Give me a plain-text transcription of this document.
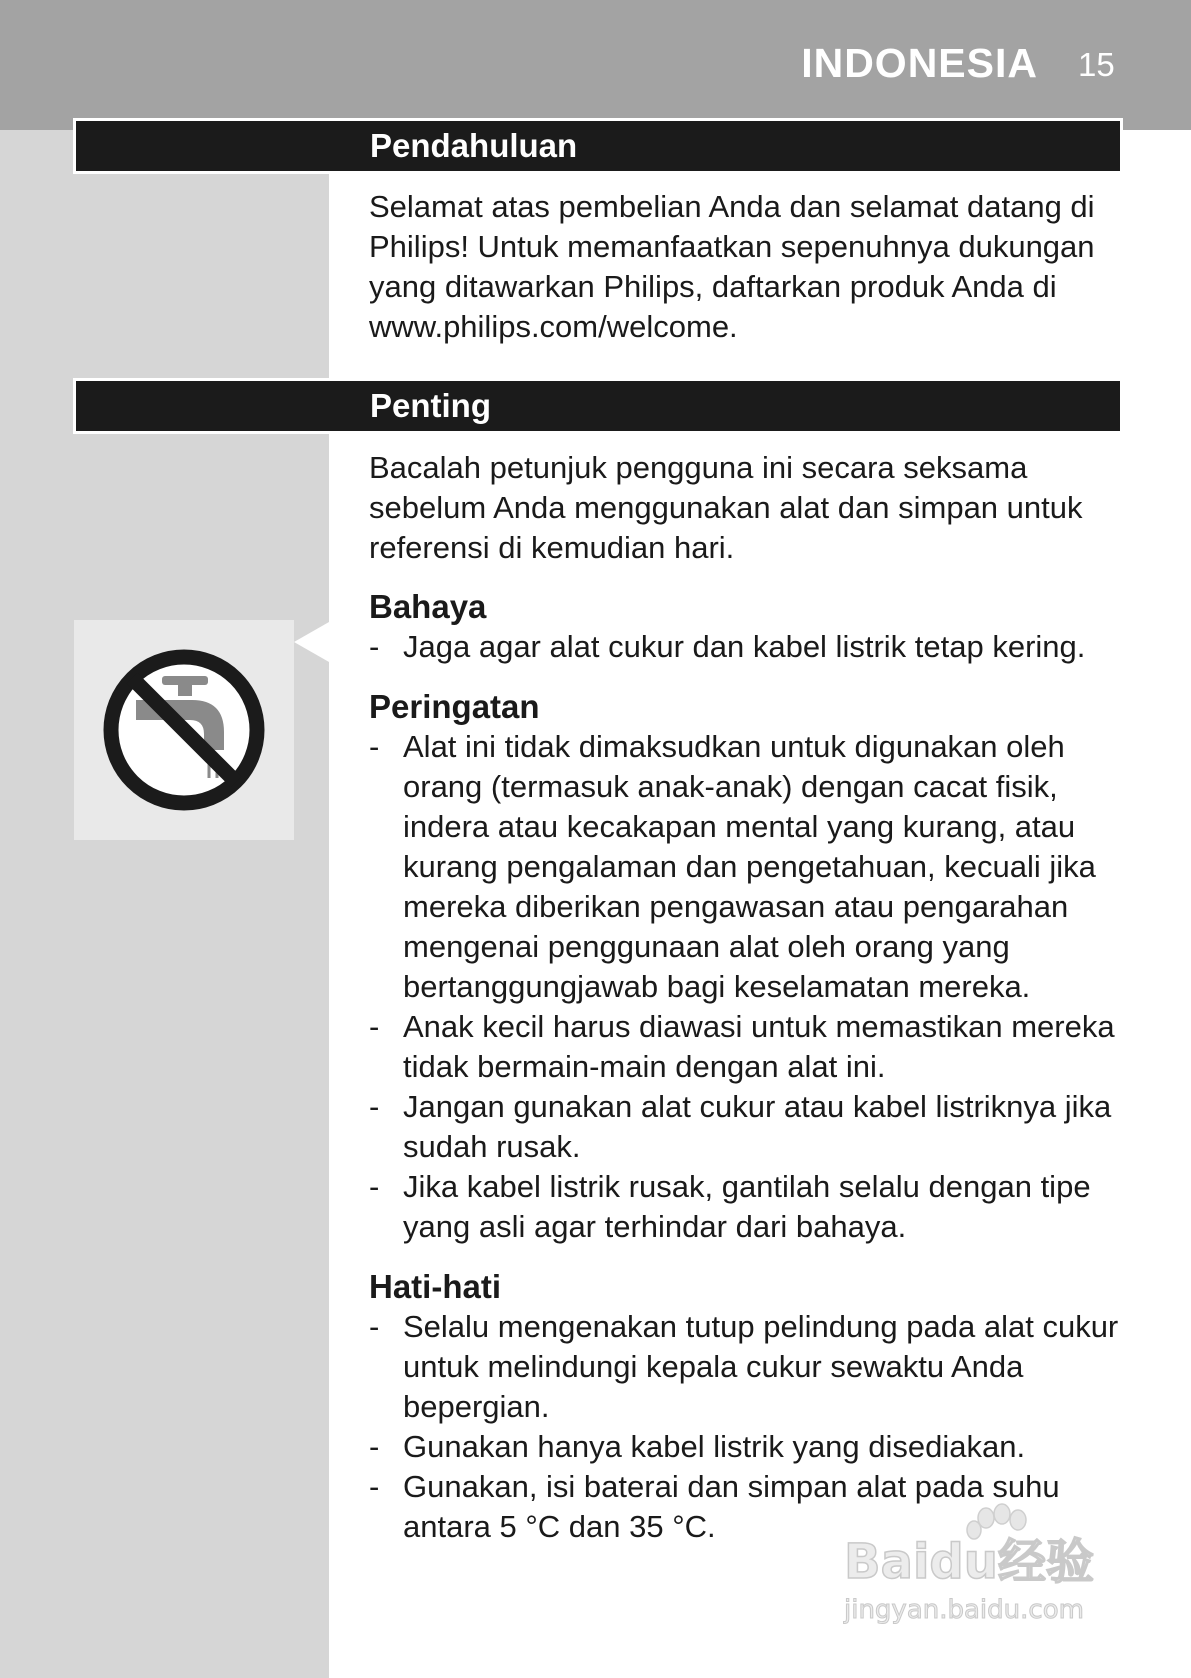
INDONESIA 15
Pendahuluan

Selamat atas pembelian Anda dan selamat datang di Philips! Untuk memanfaatkan sepenuhnya dukungan yang ditawarkan Philips, daftarkan produk Anda di www.philips.com/welcome.

Penting

Bacalah petunjuk pengguna ini secara seksama sebelum Anda menggunakan alat dan simpan untuk referensi di kemudian hari.

Bahaya
- Jaga agar alat cukur dan kabel listrik tetap kering.
Peringatan
- Alat ini tidak dimaksudkan untuk digunakan oleh orang (termasuk anak-anak) dengan cacat fisik, indera atau kecakapan mental yang kurang, atau kurang pengalaman dan pengetahuan, kecuali jika mereka diberikan pengawasan atau pengarahan mengenai penggunaan alat oleh orang yang bertanggungjawab bagi keselamatan mereka.
- Anak kecil harus diawasi untuk memastikan mereka tidak bermain-main dengan alat ini.
- Jangan gunakan alat cukur atau kabel listriknya jika sudah rusak.
- Jika kabel listrik rusak, gantilah selalu dengan tipe yang asli agar terhindar dari bahaya.
Hati-hati
- Selalu mengenakan tutup pelindung pada alat cukur untuk melindungi kepala cukur sewaktu Anda bepergian.
- Gunakan hanya kabel listrik yang disediakan.
- Gunakan, isi baterai dan simpan alat pada suhu antara 5 °C dan 35 °C.
Baidu经验
jingyan.baidu.com
